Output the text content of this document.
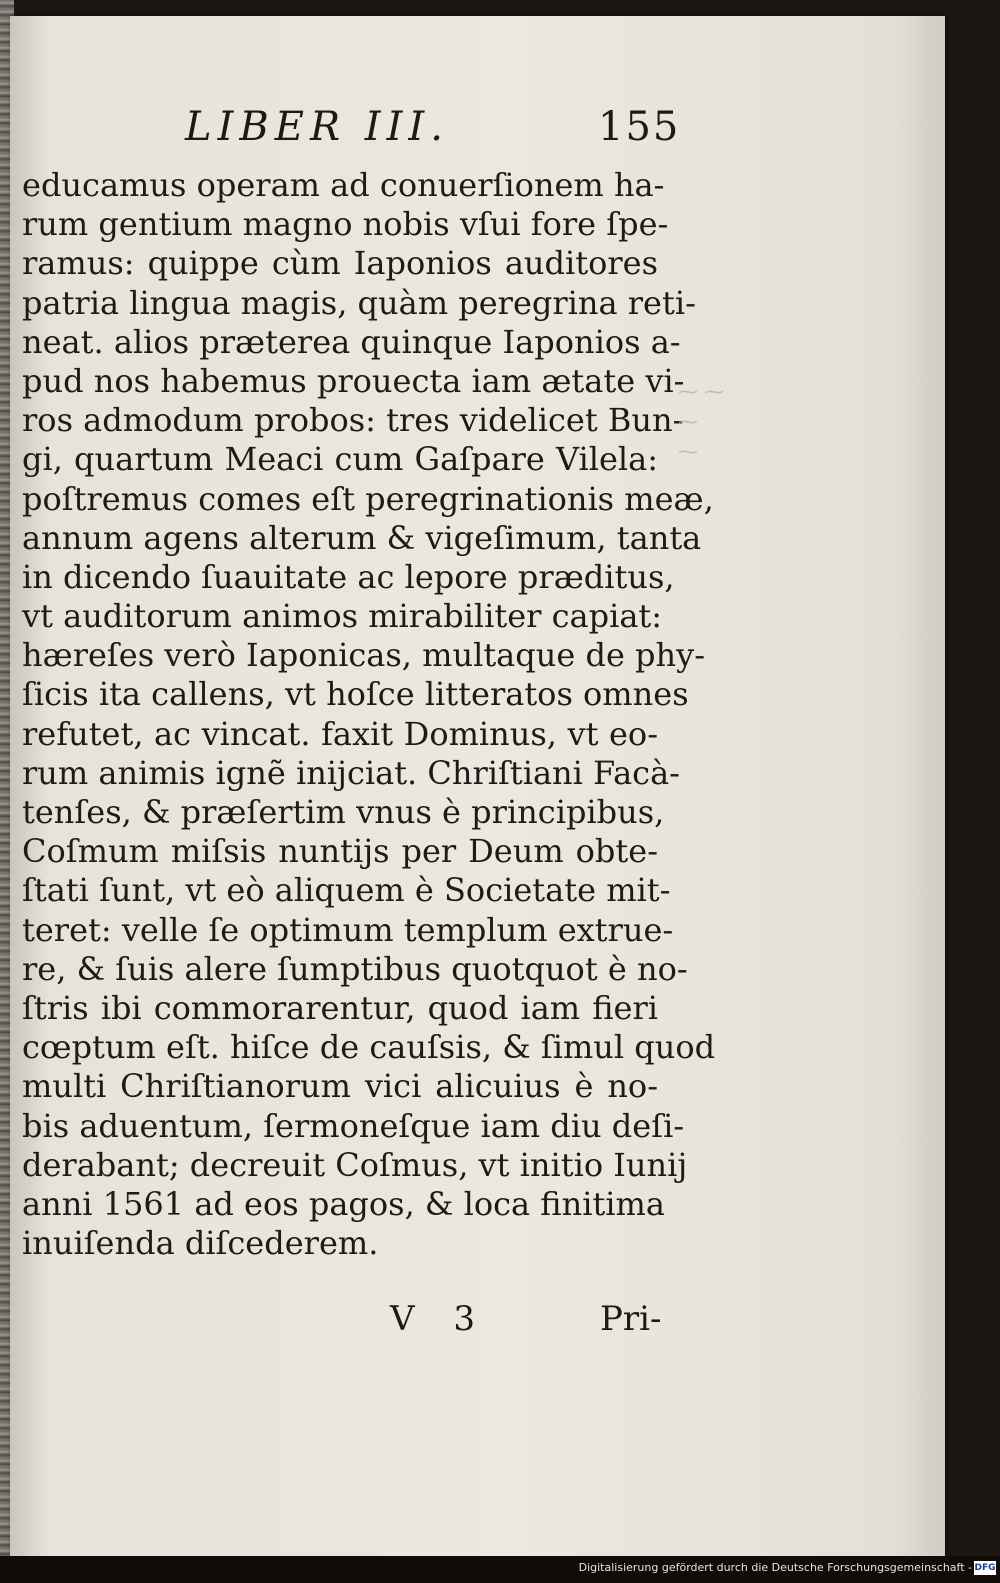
LIBER III.	155
educamus operam ad conuerſionem ha-
rum gentium magno nobis vſui fore ſpe-
ramus: quippe cùm Iaponios auditores
patria lingua magis, quàm peregrina reti-
neat. alios præterea quinque Iaponios a-
pud nos habemus prouecta iam ætate vi-
ros admodum probos: tres videlicet Bun-
gi, quartum Meaci cum Gaſpare Vilela:
poſtremus comes eſt peregrinationis meæ,
annum agens alterum & vigeſimum, tanta
in dicendo ſuauitate ac lepore præditus,
vt auditorum animos mirabiliter capiat:
hæreſes verò Iaponicas, multaque de phy-
ſicis ita callens, vt hoſce litteratos omnes
refutet, ac vincat. faxit Dominus, vt eo-
rum animis ignẽ inijciat. Chriſtiani Facà-
tenſes, & præſertim vnus è principibus,
Coſmum miſsis nuntijs per Deum obte-
ſtati ſunt, vt eò aliquem è Societate mit-
teret: velle ſe optimum templum extrue-
re, & ſuis alere ſumptibus quotquot è no-
ſtris ibi commorarentur, quod iam fieri
cœptum eſt. hiſce de cauſsis, & ſimul quod
multi Chriſtianorum vici alicuius è no-
bis aduentum, ſermoneſque iam diu deſi-
derabant; decreuit Coſmus, vt initio Iunij
anni 1561 ad eos pagos, & loca finitima
inuiſenda diſcederem.
⁓ ⁓
⁓
⁓
V 3	Pri-
Digitalisierung gefördert durch die Deutsche Forschungsgemeinschaft - DFG
